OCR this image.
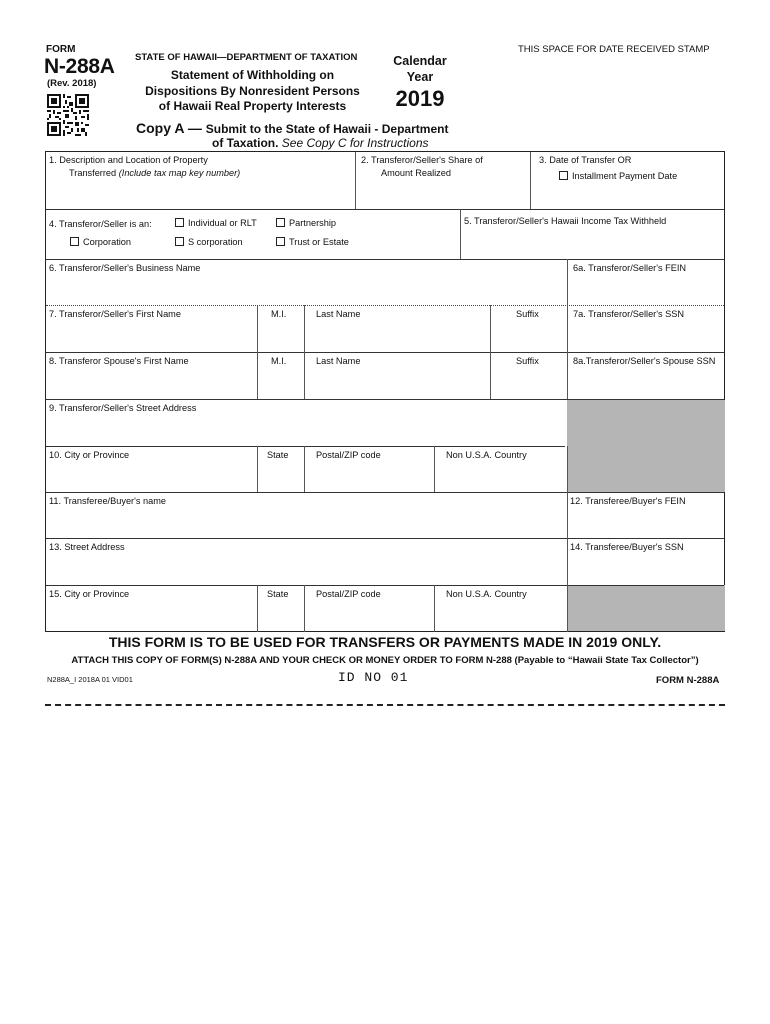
FORM
N-288A
(Rev. 2018)
STATE OF HAWAII—DEPARTMENT OF TAXATION
Statement of Withholding on
Dispositions By Nonresident Persons
of Hawaii Real Property Interests
Calendar
Year
2019
THIS SPACE FOR DATE RECEIVED STAMP
Copy A — Submit to the State of Hawaii - Department
of Taxation. See Copy C for Instructions
1. Description and Location of Property
Transferred (Include tax map key number)
2. Transferor/Seller's Share of
Amount Realized
3. Date of Transfer OR
Installment Payment Date
4. Transferor/Seller is an:	Individual or RLT	Partnership
Corporation	S corporation	Trust or Estate
5. Transferor/Seller's Hawaii Income Tax Withheld
6. Transferor/Seller's Business Name	6a. Transferor/Seller's FEIN
7. Transferor/Seller's First Name	M.I.	Last Name	Suffix	7a. Transferor/Seller's SSN
8. Transferor Spouse's First Name	M.I.	Last Name	Suffix	8a.Transferor/Seller's Spouse SSN
9. Transferor/Seller's Street Address
10. City or Province	State	Postal/ZIP code	Non U.S.A. Country
11. Transferee/Buyer's name	12. Transferee/Buyer's FEIN
13. Street Address	14. Transferee/Buyer's SSN
15. City or Province	State	Postal/ZIP code	Non U.S.A. Country
THIS FORM IS TO BE USED FOR TRANSFERS OR PAYMENTS MADE IN 2019 ONLY.
ATTACH THIS COPY OF FORM(S) N-288A AND YOUR CHECK OR MONEY ORDER TO FORM N-288 (Payable to “Hawaii State Tax Collector”)
N288A_I 2018A 01 VID01	ID NO 01	FORM N-288A
